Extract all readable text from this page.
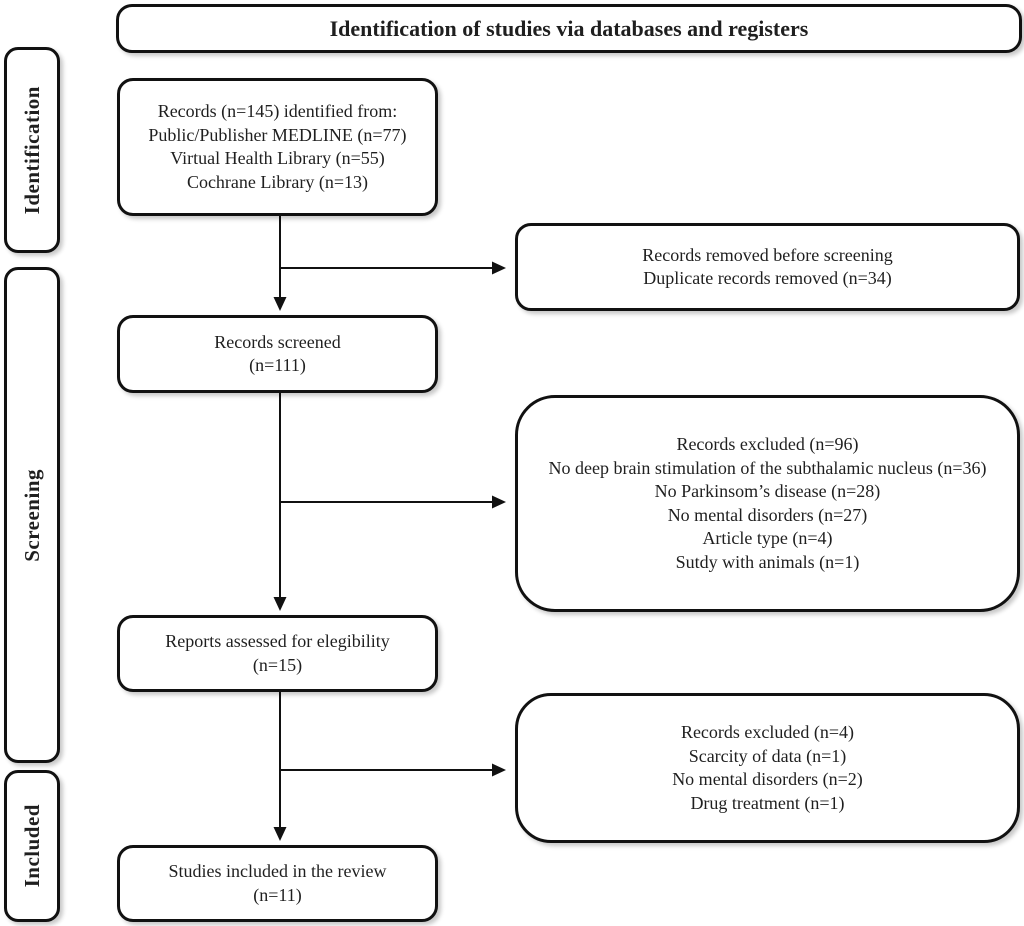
Identification of studies via databases and registers
Identification
Screening
Included
Records (n=145) identified from:
Public/Publisher MEDLINE (n=77)
Virtual Health Library (n=55)
Cochrane Library (n=13)
Records removed before screening
Duplicate records removed (n=34)
Records screened
(n=111)
Records excluded (n=96)
No deep brain stimulation of the subthalamic nucleus (n=36)
No Parkinsom’s disease (n=28)
No mental disorders (n=27)
Article type (n=4)
Sutdy with animals (n=1)
Reports assessed for elegibility
(n=15)
Records excluded (n=4)
Scarcity of data (n=1)
No mental disorders (n=2)
Drug treatment (n=1)
Studies included in the review
(n=11)
